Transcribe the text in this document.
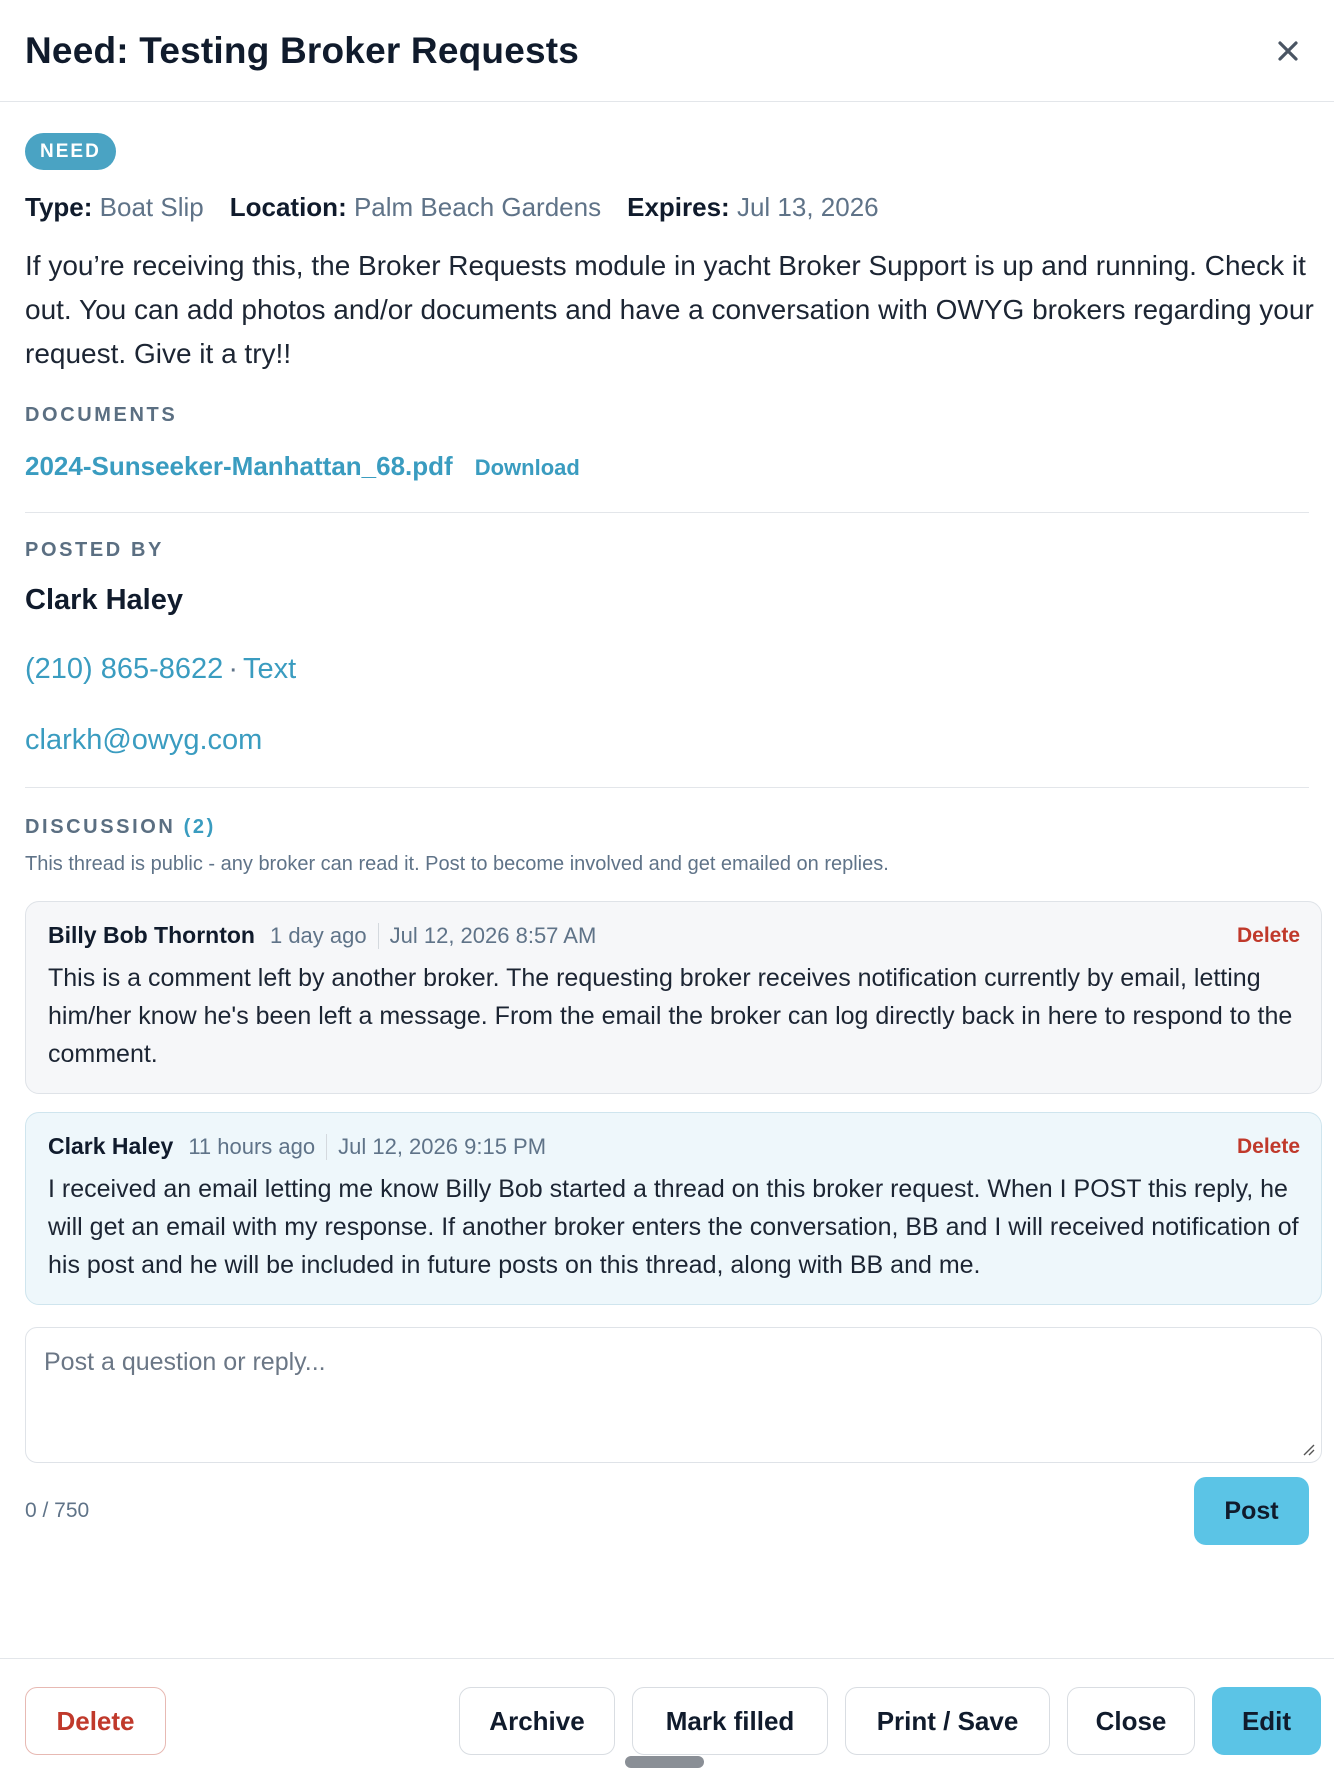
Need: Testing Broker Requests
NEED
Type: Boat Slip Location: Palm Beach Gardens Expires: Jul 13, 2026

If you’re receiving this, the Broker Requests module in yacht Broker Support is up and running. Check it out. You can add photos and/or documents and have a conversation with OWYG brokers regarding your request. Give it a try!!

DOCUMENTS
2024-Sunseeker-Manhattan_68.pdf Download
POSTED BY
Clark Haley
(210) 865-8622 · Text
clarkh@owyg.com
DISCUSSION (2)
This thread is public - any broker can read it. Post to become involved and get emailed on replies.
Billy Bob Thornton 1 day ago	Jul 12, 2026 8:57 AM	Delete

This is a comment left by another broker. The requesting broker receives notification currently by email, letting him/her know he's been left a message. From the email the broker can log directly back in here to respond to the comment.

Clark Haley 11 hours ago	Jul 12, 2026 9:15 PM	Delete

I received an email letting me know Billy Bob started a thread on this broker request. When I POST this reply, he will get an email with my response. If another broker enters the conversation, BB and I will received notification of his post and he will be included in future posts on this thread, along with BB and me.

Post a question or reply...
0 / 750	Post
Delete	Archive	Mark filled	Print / Save	Close	Edit
